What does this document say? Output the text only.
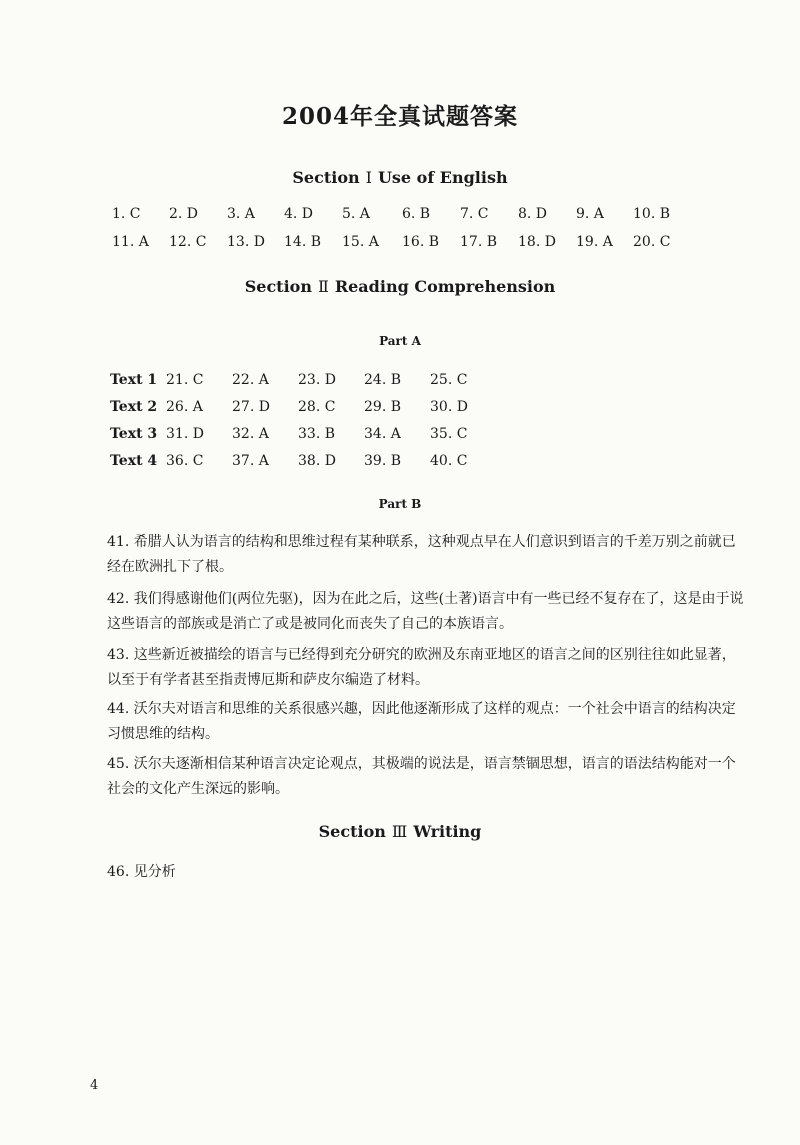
2004年全真试题答案
Section Ⅰ Use of English
1. C 2. D 3. A 4. D 5. A 6. B 7. C 8. D 9. A 10. B
11. A 12. C 13. D 14. B 15. A 16. B 17. B 18. D 19. A 20. C
Section Ⅱ Reading Comprehension
Part A
Text 1 21. C 22. A 23. D 24. B 25. C
Text 2 26. A 27. D 28. C 29. B 30. D
Text 3 31. D 32. A 33. B 34. A 35. C
Text 4 36. C 37. A 38. D 39. B 40. C
Part B
41. 希腊人认为语言的结构和思维过程有某种联系，这种观点早在人们意识到语言的千差万别之前就已经在欧洲扎下了根。
42. 我们得感谢他们(两位先驱)，因为在此之后，这些(土著)语言中有一些已经不复存在了，这是由于说这些语言的部族或是消亡了或是被同化而丧失了自己的本族语言。
43. 这些新近被描绘的语言与已经得到充分研究的欧洲及东南亚地区的语言之间的区别往往如此显著，以至于有学者甚至指责博厄斯和萨皮尔编造了材料。
44. 沃尔夫对语言和思维的关系很感兴趣，因此他逐渐形成了这样的观点：一个社会中语言的结构决定习惯思维的结构。
45. 沃尔夫逐渐相信某种语言决定论观点，其极端的说法是，语言禁锢思想，语言的语法结构能对一个社会的文化产生深远的影响。
Section Ⅲ Writing
46. 见分析
4
